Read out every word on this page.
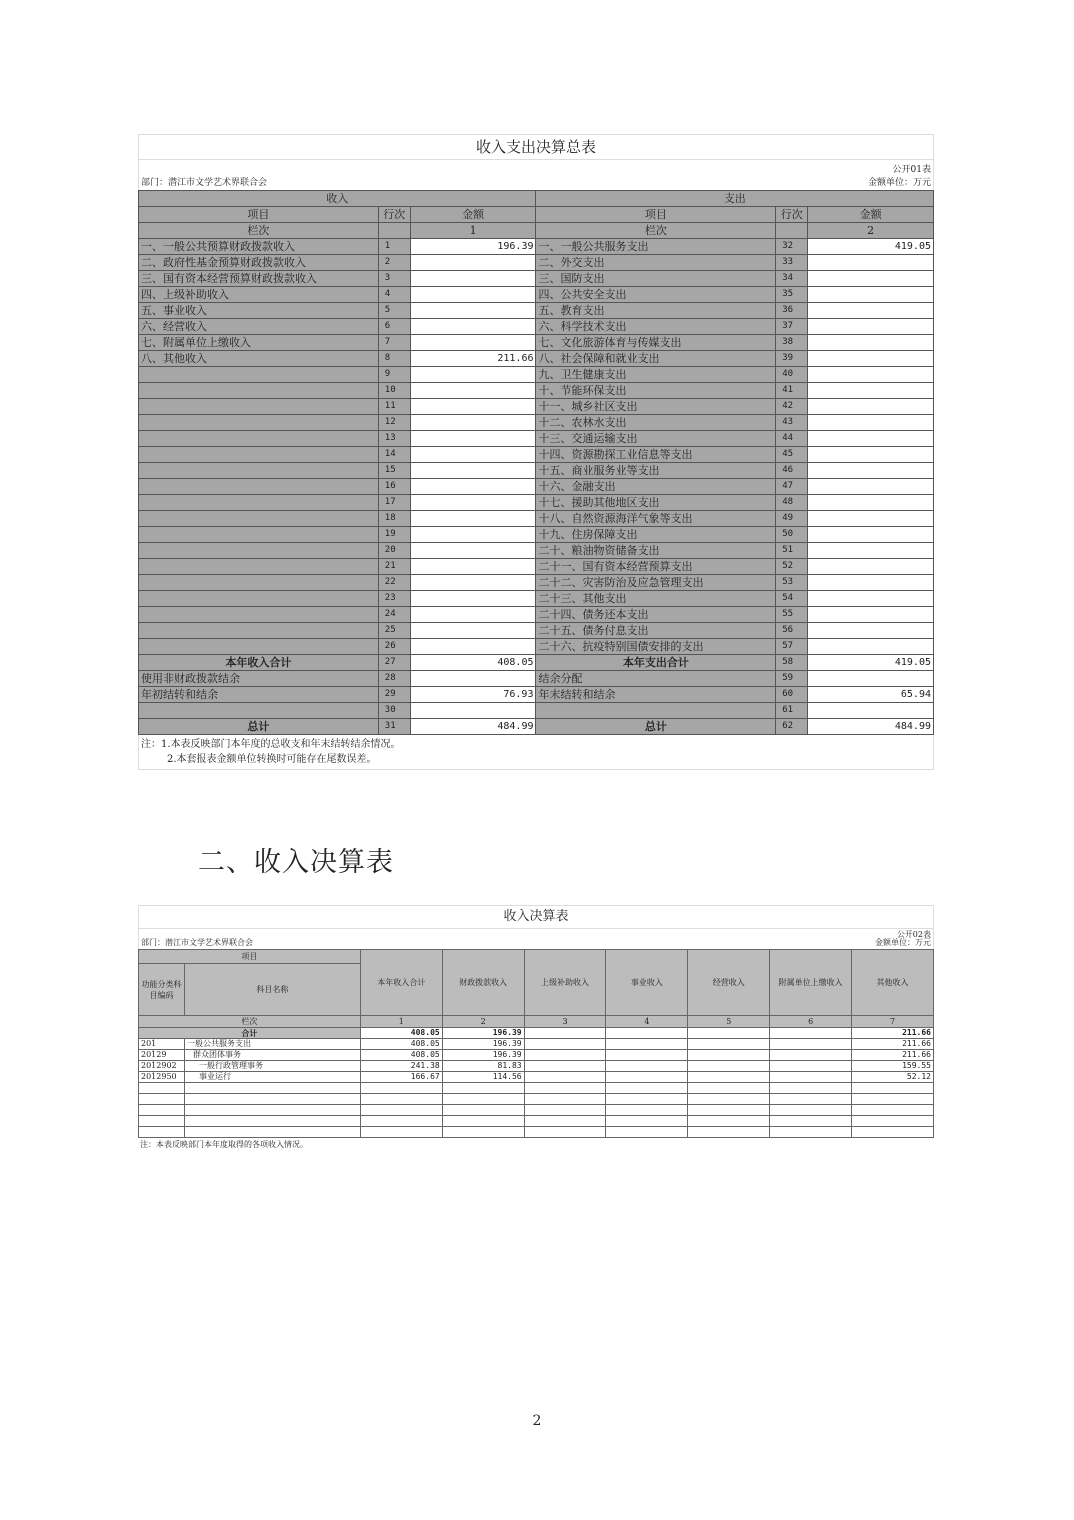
收入支出决算总表
公开01表
部门：潜江市文学艺术界联合会	金额单位：万元
收入			支出		
项目	行次	金额	项目	行次	金额
栏次		1	栏次		2
一、一般公共预算财政拨款收入	1	196.39	一、一般公共服务支出	32	419.05
二、政府性基金预算财政拨款收入	2		二、外交支出	33	
三、国有资本经营预算财政拨款收入	3		三、国防支出	34	
四、上级补助收入	4		四、公共安全支出	35	
五、事业收入	5		五、教育支出	36	
六、经营收入	6		六、科学技术支出	37	
七、附属单位上缴收入	7		七、文化旅游体育与传媒支出	38	
八、其他收入	8	211.66	八、社会保障和就业支出	39	
	9		九、卫生健康支出	40	
	10		十、节能环保支出	41	
	11		十一、城乡社区支出	42	
	12		十二、农林水支出	43	
	13		十三、交通运输支出	44	
	14		十四、资源勘探工业信息等支出	45	
	15		十五、商业服务业等支出	46	
	16		十六、金融支出	47	
	17		十七、援助其他地区支出	48	
	18		十八、自然资源海洋气象等支出	49	
	19		十九、住房保障支出	50	
	20		二十、粮油物资储备支出	51	
	21		二十一、国有资本经营预算支出	52	
	22		二十二、灾害防治及应急管理支出	53	
	23		二十三、其他支出	54	
	24		二十四、债务还本支出	55	
	25		二十五、债务付息支出	56	
	26		二十六、抗疫特别国债安排的支出	57	
本年收入合计	27	408.05	本年支出合计	58	419.05
使用非财政拨款结余	28		结余分配	59	
年初结转和结余	29	76.93	年末结转和结余	60	65.94
	30			61	
总计	31	484.99	总计	62	484.99
注：1.本表反映部门本年度的总收支和年末结转结余情况。
2.本套报表金额单位转换时可能存在尾数误差。
二、收入决算表
收入决算表
公开02表
部门：潜江市文学艺术界联合会	金额单位：万元
项目		本年收入合计	财政拨款收入	上级补助收入	事业收入	经营收入	附属单位上缴收入	其他收入
功能分类科目编码	科目名称							
栏次		1	2	3	4	5	6	7
合计		408.05	196.39					211.66
201	一般公共服务支出	408.05	196.39					211.66
20129	群众团体事务	408.05	196.39					211.66
2012902	一般行政管理事务	241.38	81.83					159.55
2012950	事业运行	166.67	114.56					52.12

注：本表反映部门本年度取得的各项收入情况。
2
